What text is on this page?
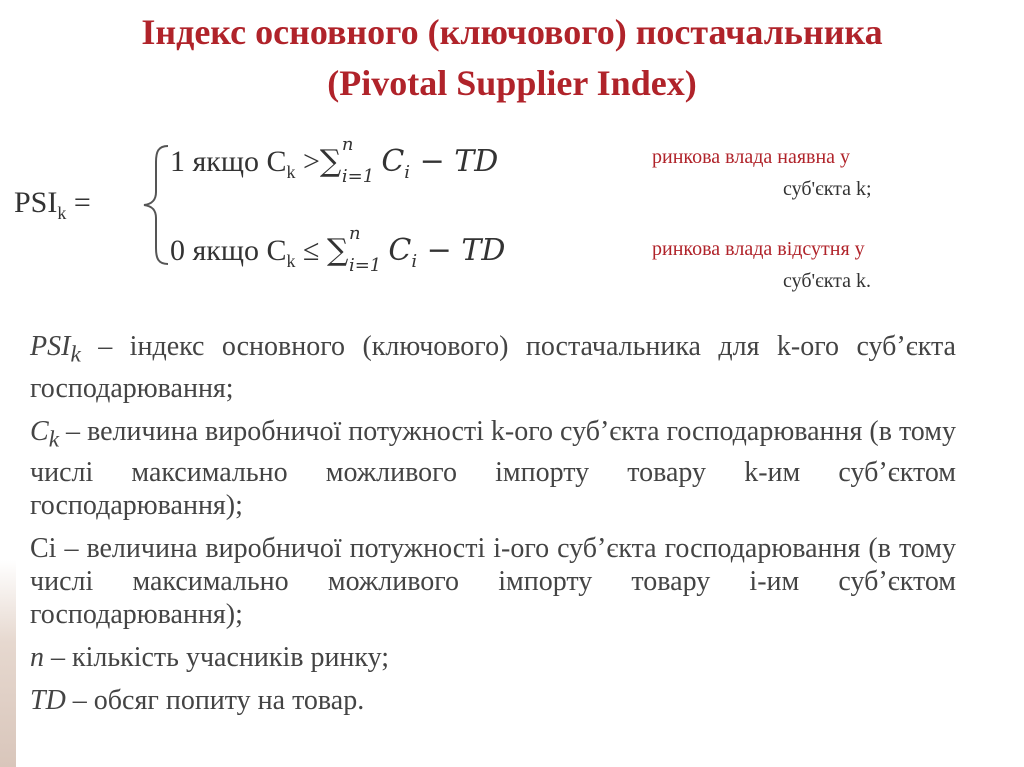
Індекс основного (ключового) постачальника
(Pivotal Supplier Index)
$PSI_k$ =
1 якщо $C_k$ >∑ n
i=1 $C_i$ − TD
0 якщо $C_k$ ≤ ∑ n
i=1 $C_i$ − TD
ринкова влада наявна у
суб'єкта k;
ринкова влада відсутня у
суб'єкта k.

$PSI_k$ – індекс основного (ключового) постачальника для k-ого суб’єкта господарювання;

$C_k$ – величина виробничої потужності k-ого суб’єкта господарювання (в тому числі максимально можливого імпорту товару k-им суб’єктом господарювання);

Сі – величина виробничої потужності і-ого суб’єкта господарювання (в тому числі максимально можливого імпорту товару і-им суб’єктом господарювання);

n – кількість учасників ринку;

TD – обсяг попиту на товар.
